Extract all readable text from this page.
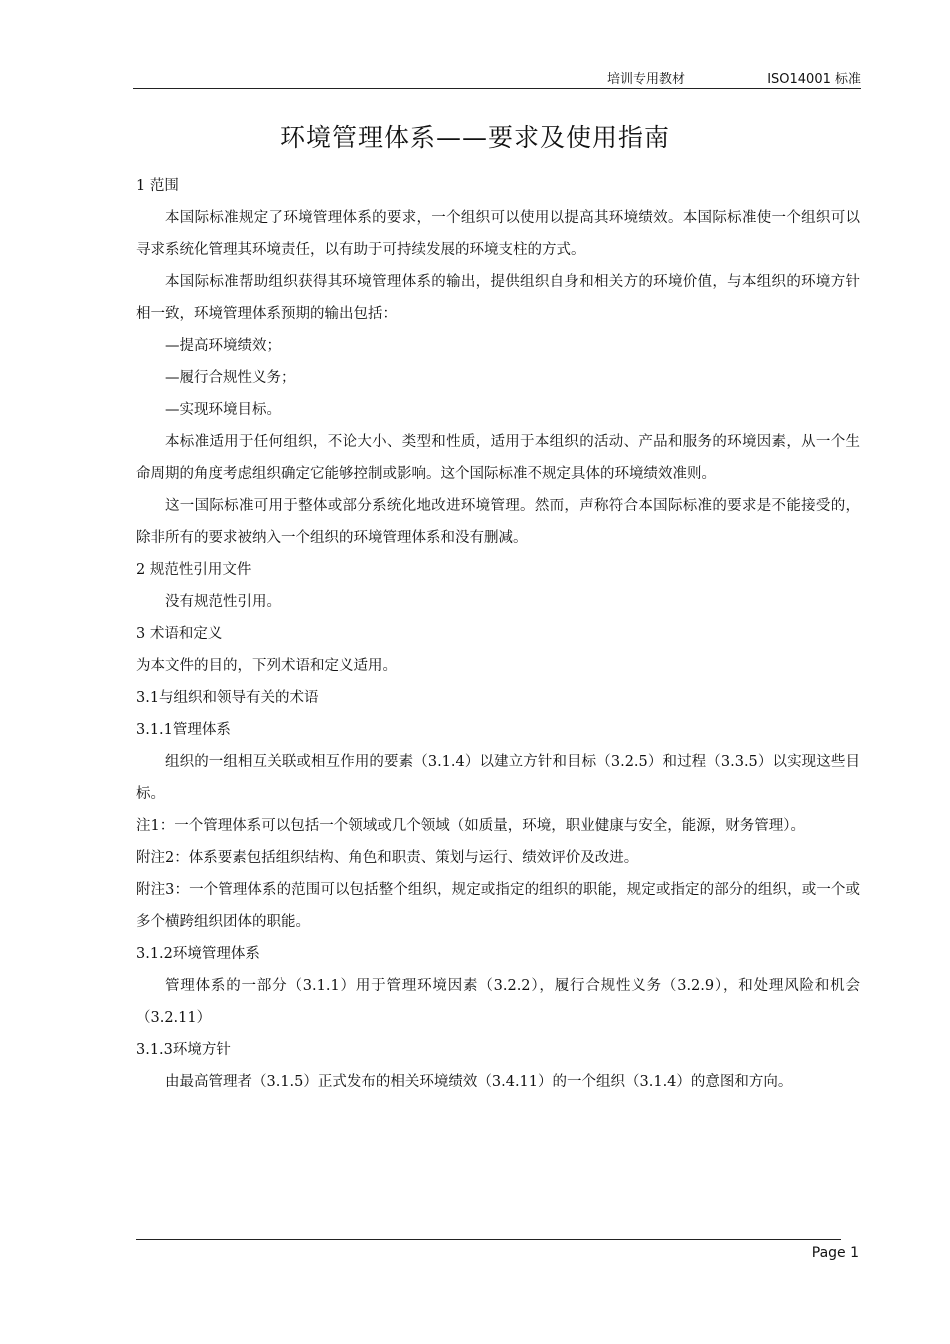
培训专用教材	ISO14001 标准
环境管理体系——要求及使用指南

1 范围

本国际标准规定了环境管理体系的要求，一个组织可以使用以提高其环境绩效。本国际标准使一个组织可以寻求系统化管理其环境责任，以有助于可持续发展的环境支柱的方式。

本国际标准帮助组织获得其环境管理体系的输出，提供组织自身和相关方的环境价值，与本组织的环境方针相一致，环境管理体系预期的输出包括：

—提高环境绩效；

—履行合规性义务；

—实现环境目标。

本标准适用于任何组织，不论大小、类型和性质，适用于本组织的活动、产品和服务的环境因素，从一个生命周期的角度考虑组织确定它能够控制或影响。这个国际标准不规定具体的环境绩效准则。

这一国际标准可用于整体或部分系统化地改进环境管理。然而，声称符合本国际标准的要求是不能接受的，除非所有的要求被纳入一个组织的环境管理体系和没有删减。

2 规范性引用文件

没有规范性引用。

3 术语和定义

为本文件的目的，下列术语和定义适用。

3.1与组织和领导有关的术语

3.1.1管理体系

组织的一组相互关联或相互作用的要素（3.1.4）以建立方针和目标（3.2.5）和过程（3.3.5）以实现这些目标。

注1：一个管理体系可以包括一个领域或几个领域（如质量，环境，职业健康与安全，能源，财务管理）。

附注2：体系要素包括组织结构、角色和职责、策划与运行、绩效评价及改进。

附注3：一个管理体系的范围可以包括整个组织，规定或指定的组织的职能，规定或指定的部分的组织，或一个或多个横跨组织团体的职能。

3.1.2环境管理体系

管理体系的一部分（3.1.1）用于管理环境因素（3.2.2），履行合规性义务（3.2.9），和处理风险和机会（3.2.11）

3.1.3环境方针

由最高管理者（3.1.5）正式发布的相关环境绩效（3.4.11）的一个组织（3.1.4）的意图和方向。

Page 1
